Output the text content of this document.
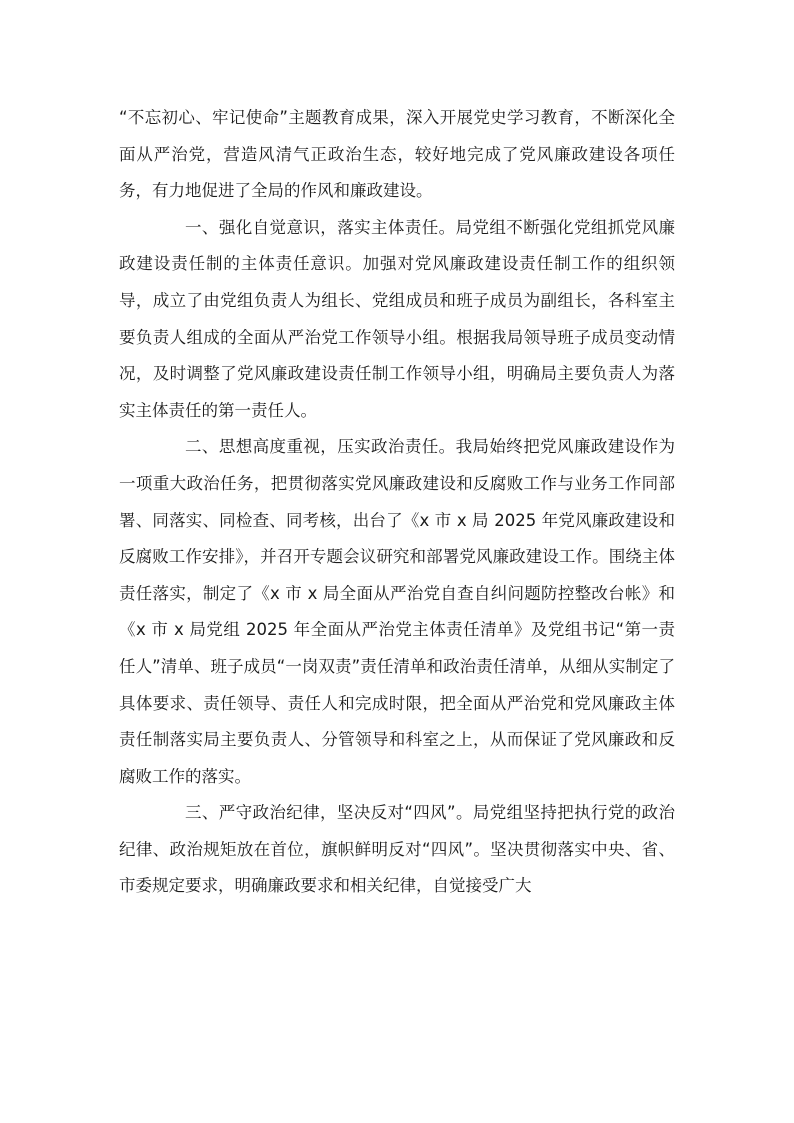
“不忘初心、牢记使命”主题教育成果，深入开展党史学习教育，不断深化全面从严治党，营造风清气正政治生态，较好地完成了党风廉政建设各项任务，有力地促进了全局的作风和廉政建设。

一、强化自觉意识，落实主体责任。局党组不断强化党组抓党风廉政建设责任制的主体责任意识。加强对党风廉政建设责任制工作的组织领导，成立了由党组负责人为组长、党组成员和班子成员为副组长，各科室主要负责人组成的全面从严治党工作领导小组。根据我局领导班子成员变动情况，及时调整了党风廉政建设责任制工作领导小组，明确局主要负责人为落实主体责任的第一责任人。

二、思想高度重视，压实政治责任。我局始终把党风廉政建设作为一项重大政治任务，把贯彻落实党风廉政建设和反腐败工作与业务工作同部署、同落实、同检查、同考核，出台了《x 市 x 局 2025 年党风廉政建设和反腐败工作安排》，并召开专题会议研究和部署党风廉政建设工作。围绕主体责任落实，制定了《x 市 x 局全面从严治党自查自纠问题防控整改台帐》和《x 市 x 局党组 2025 年全面从严治党主体责任清单》及党组书记“第一责任人”清单、班子成员“一岗双责”责任清单和政治责任清单，从细从实制定了具体要求、责任领导、责任人和完成时限，把全面从严治党和党风廉政主体责任制落实局主要负责人、分管领导和科室之上，从而保证了党风廉政和反腐败工作的落实。

三、严守政治纪律，坚决反对“四风”。局党组坚持把执行党的政治纪律、政治规矩放在首位，旗帜鲜明反对“四风”。坚决贯彻落实中央、省、市委规定要求，明确廉政要求和相关纪律，自觉接受广大
